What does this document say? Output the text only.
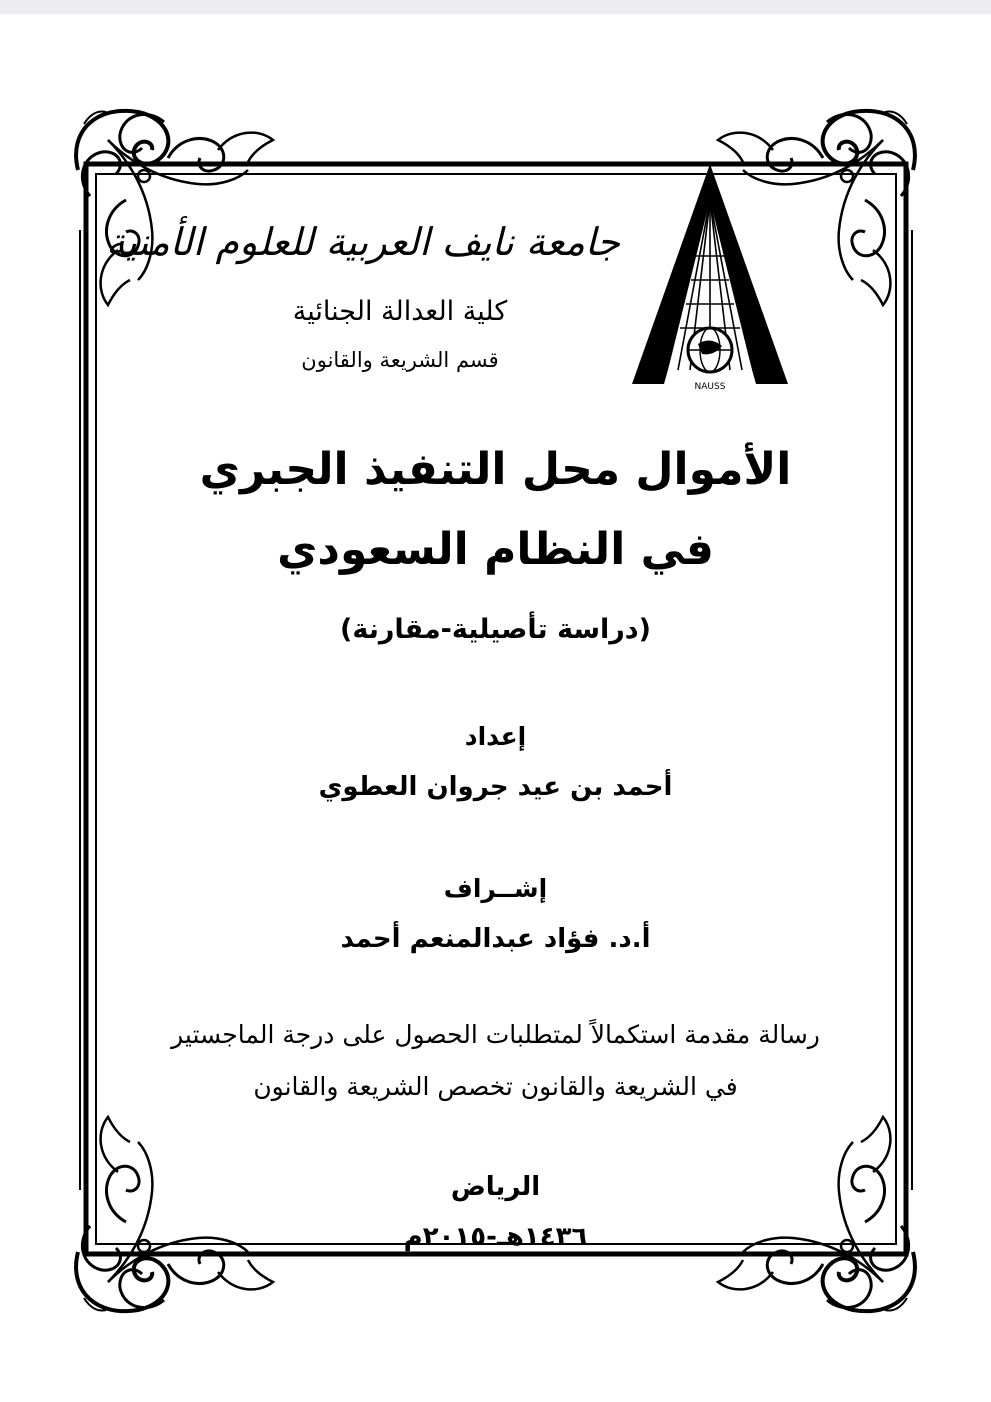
NAUSS
جامعة نايف العربية للعلوم الأمنية
كلية العدالة الجنائية
قسم الشريعة والقانون
الأموال محل التنفيذ الجبري
في النظام السعودي
(دراسة تأصيلية-مقارنة)
إعداد
أحمد بن عيد جروان العطوي
إشــراف
أ.د. فؤاد عبدالمنعم أحمد
رسالة مقدمة استكمالاً لمتطلبات الحصول على درجة الماجستير
في الشريعة والقانون تخصص الشريعة والقانون
الرياض
١٤٣٦هـ-٢٠١٥م
